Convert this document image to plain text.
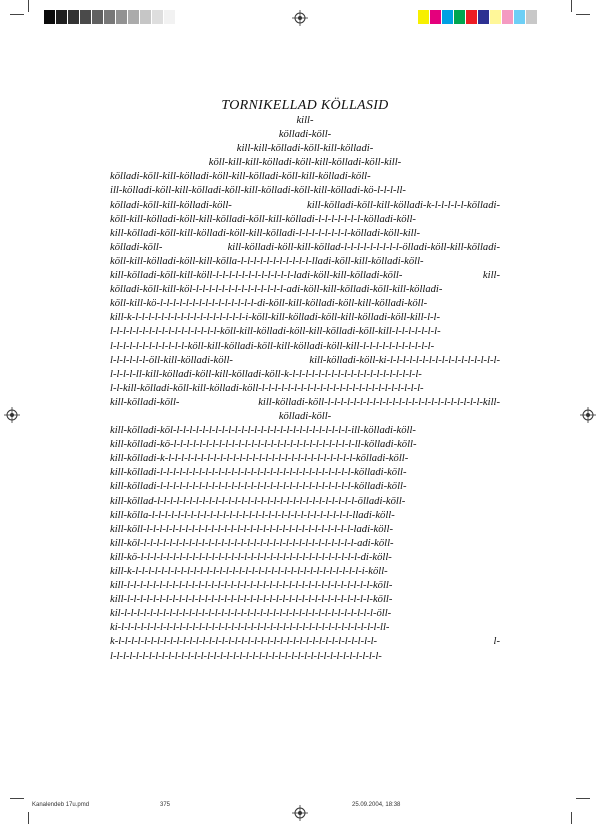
TORNIKELLAD KÖLLASID
kill-
kölladi-köll-
kill-kill-kölladi-köll-kill-kölladi-
köll-kill-kill-kölladi-köll-kill-kölladi-köll-kill-
kölladi-köll-kill-kölladi-köll-kill-kölladi-köll-kill-kölladi-köll-
ill-kölladi-köll-kill-kölladi-köll-kill-kölladi-köll-kill-kölladi-kö-l-l-l-ll-
kölladi-köll-kill-kölladi-köll- kill-kölladi-köll-kill-kölladi-k-l-l-l-l-l-kölladi-
köll-kill-kölladi-köll-kill-kölladi-köll-kill-kölladi-l-l-l-l-l-l-l-kölladi-köll-
kill-kölladi-köll-kill-kölladi-köll-kill-kölladi-l-l-l-l-l-l-l-l-kölladi-köll-kill-
kölladi-köll- kill-kölladi-köll-kill-köllad-l-l-l-l-l-l-l-l-l-ölladi-köll-kill-kölladi-
köll-kill-kölladi-köll-kill-kölla-l-l-l-l-l-l-l-l-l-l-l-lladi-köll-kill-kölladi-köll-
kill-kölladi-köll-kill-köll-l-l-l-l-l-l-l-l-l-l-l-l-ladi-köll-kill-kölladi-köll- kill-
kölladi-köll-kill-köl-l-l-l-l-l-l-l-l-l-l-l-l-l-l-adi-köll-kill-kölladi-köll-kill-kölladi-
köll-kill-kö-l-l-l-l-l-l-l-l-l-l-l-l-l-l-l-di-köll-kill-kölladi-köll-kill-kölladi-köll-
kill-k-l-l-l-l-l-l-l-l-l-l-l-l-l-l-l-l-l-i-köll-kill-kölladi-köll-kill-kölladi-köll-kill-l-l-
l-l-l-l-l-l-l-l-l-l-l-l-l-l-l-l-l-köll-kill-kölladi-köll-kill-kölladi-köll-kill-l-l-l-l-l-l-l-
l-l-l-l-l-l-l-l-l-l-l-l-köll-kill-kölladi-köll-kill-kölladi-köll-kill-l-l-l-l-l-l-l-l-l-l-l-
l-l-l-l-l-l-öll-kill-kölladi-köll- kill-kölladi-köll-ki-l-l-l-l-l-l-l-l-l-l-l-l-l-l-l-l-l-
l-l-l-l-ll-kill-kölladi-köll-kill-kölladi-köll-k-l-l-l-l-l-l-l-l-l-l-l-l-l-l-l-l-l-l-l-l-
l-l-kill-kölladi-köll-kill-kölladi-köll-l-l-l-l-l-l-l-l-l-l-l-l-l-l-l-l-l-l-l-l-l-l-l-l-l-
kill-kölladi-köll- kill-kölladi-köll-l-l-l-l-l-l-l-l-l-l-l-l-l-l-l-l-l-l-l-l-l-l-l-l-kill-
kölladi-köll-
kill-kölladi-köl-l-l-l-l-l-l-l-l-l-l-l-l-l-l-l-l-l-l-l-l-l-l-l-l-l-l-l-ill-kölladi-köll-
kill-kölladi-kö-l-l-l-l-l-l-l-l-l-l-l-l-l-l-l-l-l-l-l-l-l-l-l-l-l-l-l-l-ll-kölladi-köll-
kill-kölladi-k-l-l-l-l-l-l-l-l-l-l-l-l-l-l-l-l-l-l-l-l-l-l-l-l-l-l-l-l-l-kölladi-köll-
kill-kölladi-l-l-l-l-l-l-l-l-l-l-l-l-l-l-l-l-l-l-l-l-l-l-l-l-l-l-l-l-l-l-kölladi-köll-
kill-kölladi-l-l-l-l-l-l-l-l-l-l-l-l-l-l-l-l-l-l-l-l-l-l-l-l-l-l-l-l-l-l-kölladi-köll-
kill-köllad-l-l-l-l-l-l-l-l-l-l-l-l-l-l-l-l-l-l-l-l-l-l-l-l-l-l-l-l-l-l-l-ölladi-köll-
kill-kölla-l-l-l-l-l-l-l-l-l-l-l-l-l-l-l-l-l-l-l-l-l-l-l-l-l-l-l-l-l-l-l-lladi-köll-
kill-köll-l-l-l-l-l-l-l-l-l-l-l-l-l-l-l-l-l-l-l-l-l-l-l-l-l-l-l-l-l-l-l-l-ladi-köll-
kill-köl-l-l-l-l-l-l-l-l-l-l-l-l-l-l-l-l-l-l-l-l-l-l-l-l-l-l-l-l-l-l-l-l-l-adi-köll-
kill-kö-l-l-l-l-l-l-l-l-l-l-l-l-l-l-l-l-l-l-l-l-l-l-l-l-l-l-l-l-l-l-l-l-l-l-di-köll-
kill-k-l-l-l-l-l-l-l-l-l-l-l-l-l-l-l-l-l-l-l-l-l-l-l-l-l-l-l-l-l-l-l-l-l-l-l-i-köll-
kill-l-l-l-l-l-l-l-l-l-l-l-l-l-l-l-l-l-l-l-l-l-l-l-l-l-l-l-l-l-l-l-l-l-l-l-l-l-l-köll-
kill-l-l-l-l-l-l-l-l-l-l-l-l-l-l-l-l-l-l-l-l-l-l-l-l-l-l-l-l-l-l-l-l-l-l-l-l-l-l-köll-
kil-l-l-l-l-l-l-l-l-l-l-l-l-l-l-l-l-l-l-l-l-l-l-l-l-l-l-l-l-l-l-l-l-l-l-l-l-l-l-l-öll-
ki-l-l-l-l-l-l-l-l-l-l-l-l-l-l-l-l-l-l-l-l-l-l-l-l-l-l-l-l-l-l-l-l-l-l-l-l-l-l-l-l-ll-
k-l-l-l-l-l-l-l-l-l-l-l-l-l-l-l-l-l-l-l-l-l-l-l-l-l-l-l-l-l-l-l-l-l-l-l-l-l-l-l-l- l-
l-l-l-l-l-l-l-l-l-l-l-l-l-l-l-l-l-l-l-l-l-l-l-l-l-l-l-l-l-l-l-l-l-l-l-l-l-l-l-l-l-l-
Kanalendeb 17u.pmd	375	25.09.2004, 18:38
